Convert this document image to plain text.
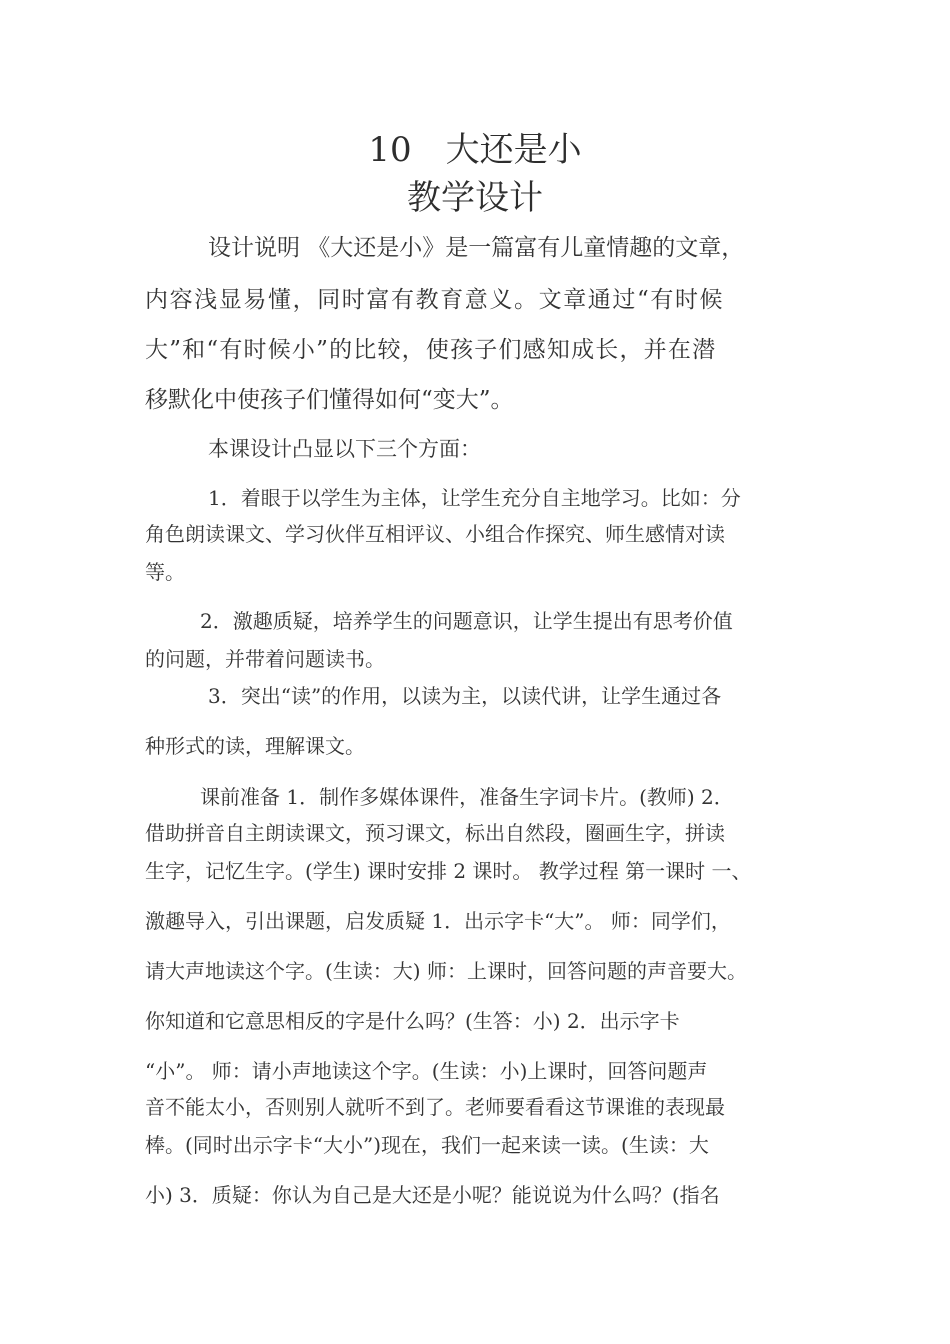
10　大还是小
教学设计
设计说明 《大还是小》是一篇富有儿童情趣的文章，
内容浅显易懂，同时富有教育意义。文章通过“有时候
大”和“有时候小”的比较，使孩子们感知成长，并在潜
移默化中使孩子们懂得如何“变大”。
本课设计凸显以下三个方面：
1．着眼于以学生为主体，让学生充分自主地学习。比如：分
角色朗读课文、学习伙伴互相评议、小组合作探究、师生感情对读
等。
2．激趣质疑，培养学生的问题意识，让学生提出有思考价值
的问题，并带着问题读书。
3．突出“读”的作用，以读为主，以读代讲，让学生通过各
种形式的读，理解课文。
课前准备 1．制作多媒体课件，准备生字词卡片。(教师) 2．
借助拼音自主朗读课文，预习课文，标出自然段，圈画生字，拼读
生字，记忆生字。(学生) 课时安排 2 课时。 教学过程 第一课时 一、
激趣导入，引出课题，启发质疑 1．出示字卡“大”。 师：同学们，
请大声地读这个字。(生读：大) 师：上课时，回答问题的声音要大。
你知道和它意思相反的字是什么吗？(生答：小) 2．出示字卡
“小”。 师：请小声地读这个字。(生读：小)上课时，回答问题声
音不能太小，否则别人就听不到了。老师要看看这节课谁的表现最
棒。(同时出示字卡“大小”)现在，我们一起来读一读。(生读：大
小) 3．质疑：你认为自己是大还是小呢？能说说为什么吗？(指名
